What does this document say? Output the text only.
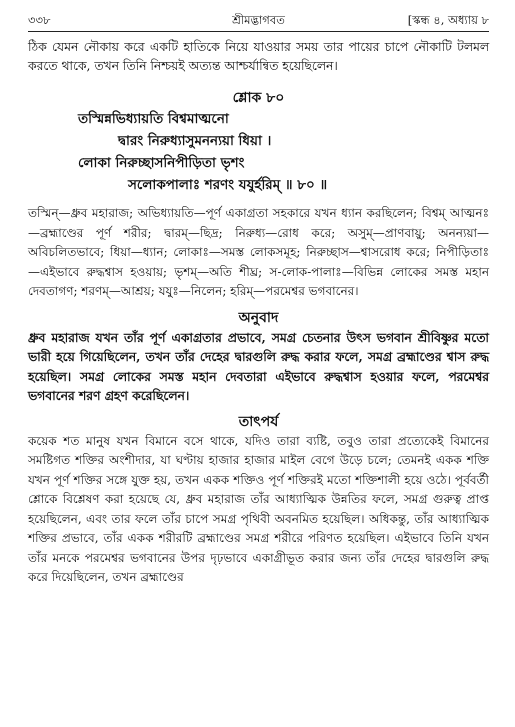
৩৩৮	শ্রীমদ্ভাগবত	[স্কন্ধ ৪, অধ্যায় ৮

ঠিক যেমন নৌকায় করে একটি হাতিকে নিয়ে যাওয়ার সময় তার পায়ের চাপে নৌকাটি টলমল করতে থাকে, তখন তিনি নিশ্চয়ই অত্যন্ত আশ্চর্যান্বিত হয়েছিলেন।

শ্লোক ৮০
তস্মিন্নভিধ্যায়তি বিশ্বমাত্মনো
দ্বারং নিরুধ্যাসুমনন্যয়া ধিয়া ।
লোকা নিরুচ্ছাসনিপীড়িতা ভৃশং
সলোকপালাঃ শরণং যযুর্হরিম্ ॥ ৮০ ॥

তস্মিন্—ধ্রুব মহারাজ; অভিধ্যায়তি—পূর্ণ একাগ্রতা সহকারে যখন ধ্যান করছিলেন; বিশ্বম্ আত্মনঃ—ব্রহ্মাণ্ডের পূর্ণ শরীর; দ্বারম্—ছিদ্র; নিরুধ্য—রোধ করে; অসুম্—প্রাণবায়ু; অনন্যয়া—অবিচলিতভাবে; ধিয়া—ধ্যান; লোকাঃ—সমস্ত লোকসমূহ; নিরুচ্ছাস—শ্বাসরোধ করে; নিপীড়িতাঃ—এইভাবে রুদ্ধশ্বাস হওয়ায়; ভৃশম্—অতি শীঘ্র; স-লোক-পালাঃ—বিভিন্ন লোকের সমস্ত মহান দেবতাগণ; শরণম্—আশ্রয়; যযুঃ—নিলেন; হরিম্—পরমেশ্বর ভগবানের।

অনুবাদ

ধ্রুব মহারাজ যখন তাঁর পূর্ণ একাগ্রতার প্রভাবে, সমগ্র চেতনার উৎস ভগবান শ্রীবিষ্ণুর মতো ভারী হয়ে গিয়েছিলেন, তখন তাঁর দেহের দ্বারগুলি রুদ্ধ করার ফলে, সমগ্র ব্রহ্মাণ্ডের শ্বাস রুদ্ধ হয়েছিল। সমগ্র লোকের সমস্ত মহান দেবতারা এইভাবে রুদ্ধশ্বাস হওয়ার ফলে, পরমেশ্বর ভগবানের শরণ গ্রহণ করেছিলেন।

তাৎপর্য

কয়েক শত মানুষ যখন বিমানে বসে থাকে, যদিও তারা ব্যষ্টি, তবুও তারা প্রত্যেকেই বিমানের সমষ্টিগত শক্তির অংশীদার, যা ঘণ্টায় হাজার হাজার মাইল বেগে উড়ে চলে; তেমনই একক শক্তি যখন পূর্ণ শক্তির সঙ্গে যুক্ত হয়, তখন একক শক্তিও পূর্ণ শক্তিরই মতো শক্তিশালী হয়ে ওঠে। পূর্ববর্তী শ্লোকে বিশ্লেষণ করা হয়েছে যে, ধ্রুব মহারাজ তাঁর আধ্যাত্মিক উন্নতির ফলে, সমগ্র গুরুত্ব প্রাপ্ত হয়েছিলেন, এবং তার ফলে তাঁর চাপে সমগ্র পৃথিবী অবনমিত হয়েছিল। অধিকন্তু, তাঁর আধ্যাত্মিক শক্তির প্রভাবে, তাঁর একক শরীরটি ব্রহ্মাণ্ডের সমগ্র শরীরে পরিণত হয়েছিল। এইভাবে তিনি যখন তাঁর মনকে পরমেশ্বর ভগবানের উপর দৃঢ়ভাবে একাগ্রীভূত করার জন্য তাঁর দেহের দ্বারগুলি রুদ্ধ করে দিয়েছিলেন, তখন ব্রহ্মাণ্ডের
